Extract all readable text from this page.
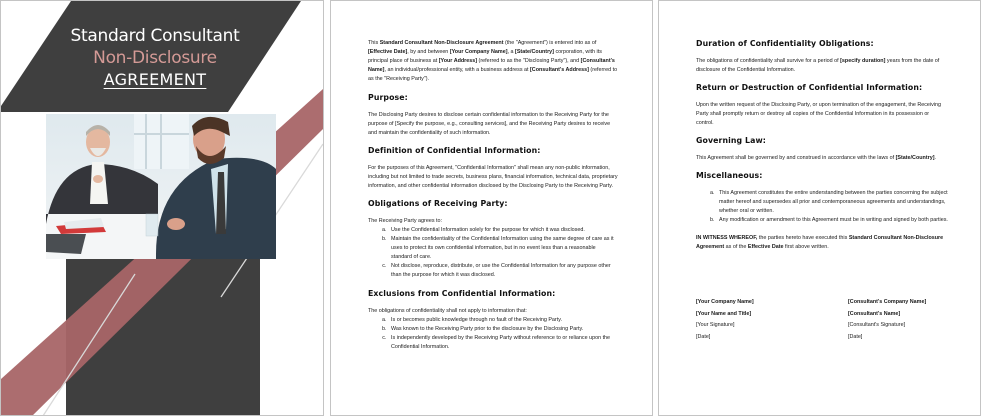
Standard Consultant
Non-Disclosure
AGREEMENT

This Standard Consultant Non-Disclosure Agreement (the "Agreement") is entered into as of [Effective Date], by and between [Your Company Name], a [State/Country] corporation, with its principal place of business at [Your Address] (referred to as the "Disclosing Party"), and [Consultant's Name], an individual/professional entity, with a business address at [Consultant's Address] (referred to as the "Receiving Party").

Purpose:

The Disclosing Party desires to disclose certain confidential information to the Receiving Party for the purpose of [Specify the purpose, e.g., consulting services], and the Receiving Party desires to receive and maintain the confidentiality of such information.

Definition of Confidential Information:

For the purposes of this Agreement, "Confidential Information" shall mean any non-public information, including but not limited to trade secrets, business plans, financial information, technical data, proprietary information, and other confidential information disclosed by the Disclosing Party to the Receiving Party.

Obligations of Receiving Party:

The Receiving Party agrees to:

a. Use the Confidential Information solely for the purpose for which it was disclosed.
b. Maintain the confidentiality of the Confidential Information using the same degree of care as it uses to protect its own confidential information, but in no event less than a reasonable standard of care.
c. Not disclose, reproduce, distribute, or use the Confidential Information for any purpose other than the purpose for which it was disclosed.

Exclusions from Confidential Information:

The obligations of confidentiality shall not apply to information that:

a. Is or becomes public knowledge through no fault of the Receiving Party.
b. Was known to the Receiving Party prior to the disclosure by the Disclosing Party.
c. Is independently developed by the Receiving Party without reference to or reliance upon the Confidential Information.

Duration of Confidentiality Obligations:

The obligations of confidentiality shall survive for a period of [specify duration] years from the date of disclosure of the Confidential Information.

Return or Destruction of Confidential Information:

Upon the written request of the Disclosing Party, or upon termination of the engagement, the Receiving Party shall promptly return or destroy all copies of the Confidential Information in its possession or control.

Governing Law:

This Agreement shall be governed by and construed in accordance with the laws of [State/Country].

Miscellaneous:

a. This Agreement constitutes the entire understanding between the parties concerning the subject matter hereof and supersedes all prior and contemporaneous agreements and understandings, whether oral or written.
b. Any modification or amendment to this Agreement must be in writing and signed by both parties.

IN WITNESS WHEREOF, the parties hereto have executed this Standard Consultant Non-Disclosure Agreement as of the Effective Date first above written.

[Your Company Name]
[Your Name and Title]
[Your Signature]
[Date]
[Consultant's Company Name]
[Consultant's Name]
[Consultant's Signature]
[Date]
